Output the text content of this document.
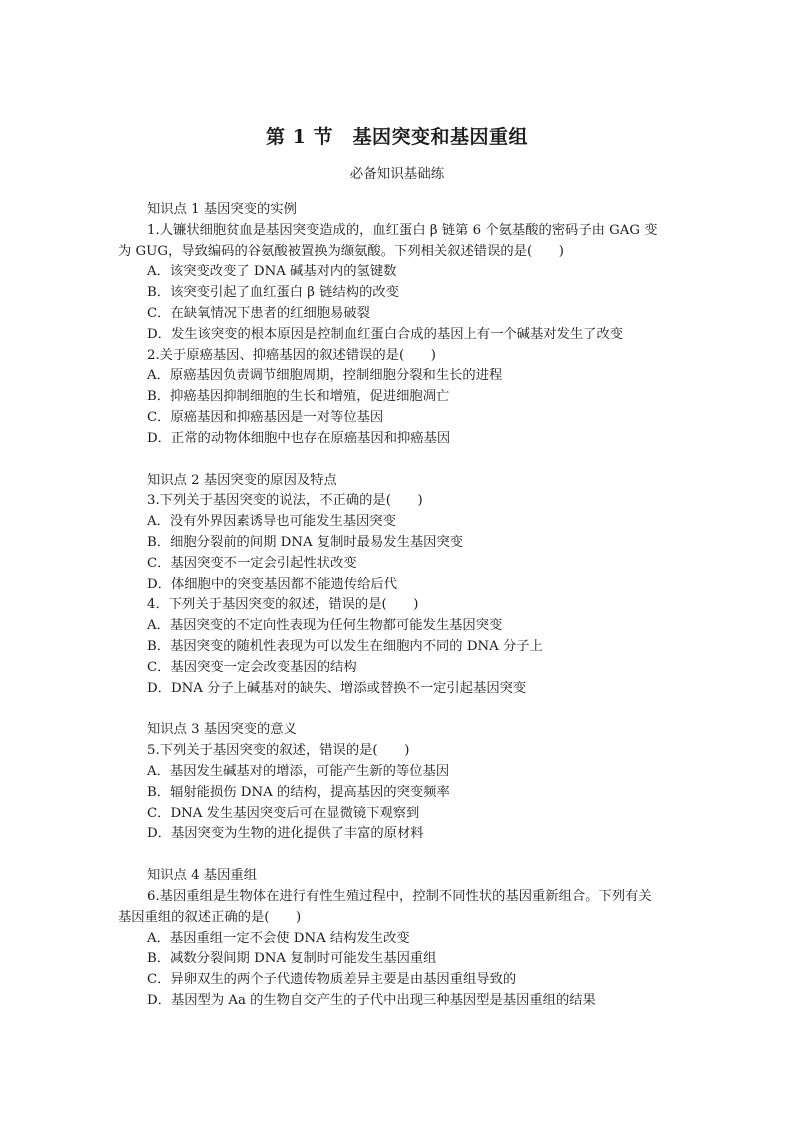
第 1 节　基因突变和基因重组
必备知识基础练
知识点 1 基因突变的实例
1.人镰状细胞贫血是基因突变造成的，血红蛋白 β 链第 6 个氨基酸的密码子由 GAG 变
为 GUG，导致编码的谷氨酸被置换为缬氨酸。下列相关叙述错误的是(　　)
A．该突变改变了 DNA 碱基对内的氢键数
B．该突变引起了血红蛋白 β 链结构的改变
C．在缺氧情况下患者的红细胞易破裂
D．发生该突变的根本原因是控制血红蛋白合成的基因上有一个碱基对发生了改变
2.关于原癌基因、抑癌基因的叙述错误的是(　　)
A．原癌基因负责调节细胞周期，控制细胞分裂和生长的进程
B．抑癌基因抑制细胞的生长和增殖，促进细胞凋亡
C．原癌基因和抑癌基因是一对等位基因
D．正常的动物体细胞中也存在原癌基因和抑癌基因
知识点 2 基因突变的原因及特点
3.下列关于基因突变的说法，不正确的是(　　)
A．没有外界因素诱导也可能发生基因突变
B．细胞分裂前的间期 DNA 复制时最易发生基因突变
C．基因突变不一定会引起性状改变
D．体细胞中的突变基因都不能遗传给后代
4．下列关于基因突变的叙述，错误的是(　　)
A．基因突变的不定向性表现为任何生物都可能发生基因突变
B．基因突变的随机性表现为可以发生在细胞内不同的 DNA 分子上
C．基因突变一定会改变基因的结构
D．DNA 分子上碱基对的缺失、增添或替换不一定引起基因突变
知识点 3 基因突变的意义
5.下列关于基因突变的叙述，错误的是(　　)
A．基因发生碱基对的增添，可能产生新的等位基因
B．辐射能损伤 DNA 的结构，提高基因的突变频率
C．DNA 发生基因突变后可在显微镜下观察到
D．基因突变为生物的进化提供了丰富的原材料
知识点 4 基因重组
6.基因重组是生物体在进行有性生殖过程中，控制不同性状的基因重新组合。下列有关
基因重组的叙述正确的是(　　)
A．基因重组一定不会使 DNA 结构发生改变
B．减数分裂间期 DNA 复制时可能发生基因重组
C．异卵双生的两个子代遗传物质差异主要是由基因重组导致的
D．基因型为 Aa 的生物自交产生的子代中出现三种基因型是基因重组的结果
